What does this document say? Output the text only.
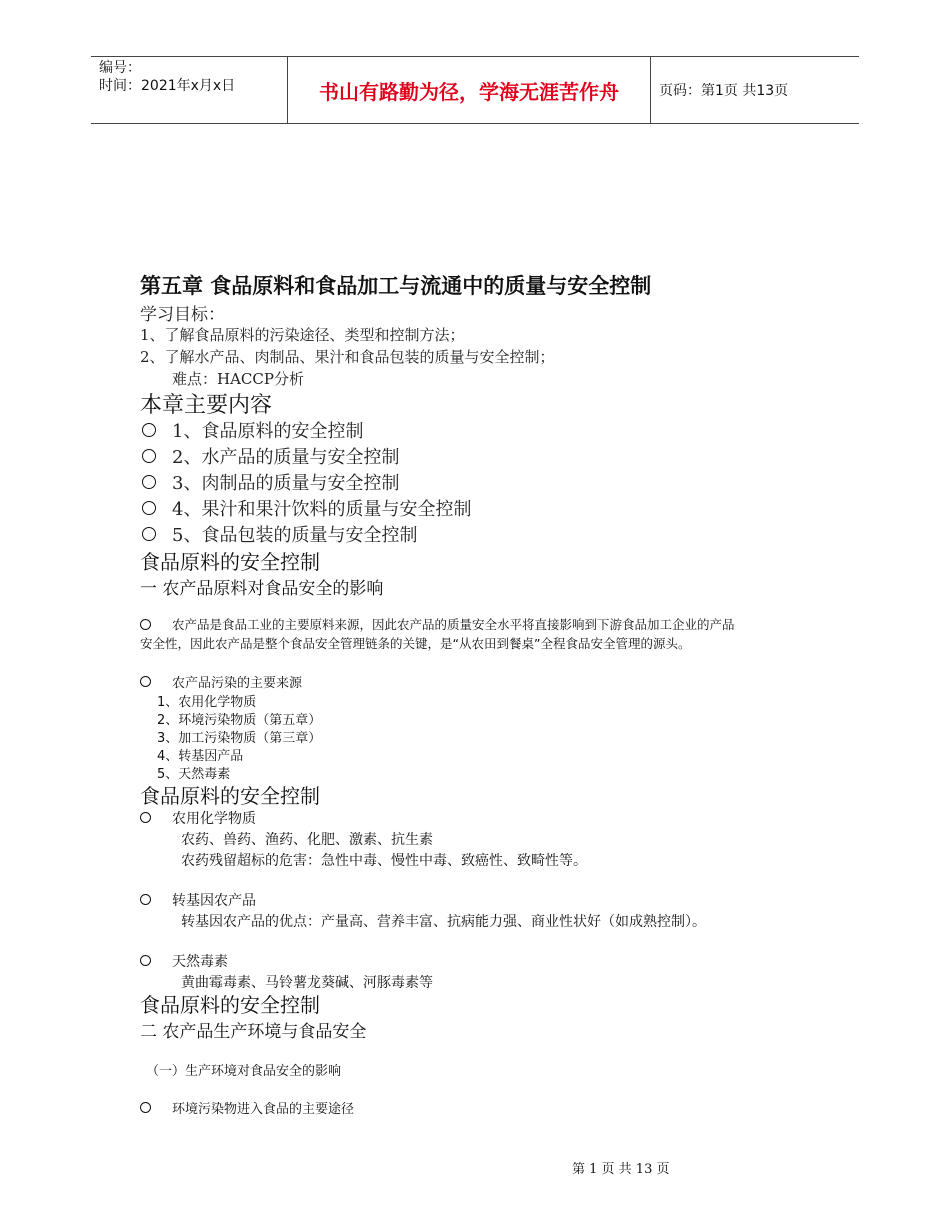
编号：
时间：2021年x月x日	书山有路勤为径，学海无涯苦作舟	页码：第1页 共13页
第五章 食品原料和食品加工与流通中的质量与安全控制
学习目标：
1、了解食品原料的污染途径、类型和控制方法；
2、了解水产品、肉制品、果汁和食品包装的质量与安全控制；
难点：HACCP分析
本章主要内容
1、食品原料的安全控制
2、水产品的质量与安全控制
3、肉制品的质量与安全控制
4、果汁和果汁饮料的质量与安全控制
5、食品包装的质量与安全控制
食品原料的安全控制
一 农产品原料对食品安全的影响
农产品是食品工业的主要原料来源，因此农产品的质量安全水平将直接影响到下游食品加工企业的产品
安全性，因此农产品是整个食品安全管理链条的关键，是“从农田到餐桌”全程食品安全管理的源头。
农产品污染的主要来源
1、农用化学物质
2、环境污染物质（第五章）
3、加工污染物质（第三章）
4、转基因产品
5、天然毒素
食品原料的安全控制
农用化学物质
农药、兽药、渔药、化肥、激素、抗生素
农药残留超标的危害：急性中毒、慢性中毒、致癌性、致畸性等。
转基因农产品
转基因农产品的优点：产量高、营养丰富、抗病能力强、商业性状好（如成熟控制）。
天然毒素
黄曲霉毒素、马铃薯龙葵碱、河豚毒素等
食品原料的安全控制
二 农产品生产环境与食品安全
（一）生产环境对食品安全的影响
环境污染物进入食品的主要途径
第 1 页 共 13 页
